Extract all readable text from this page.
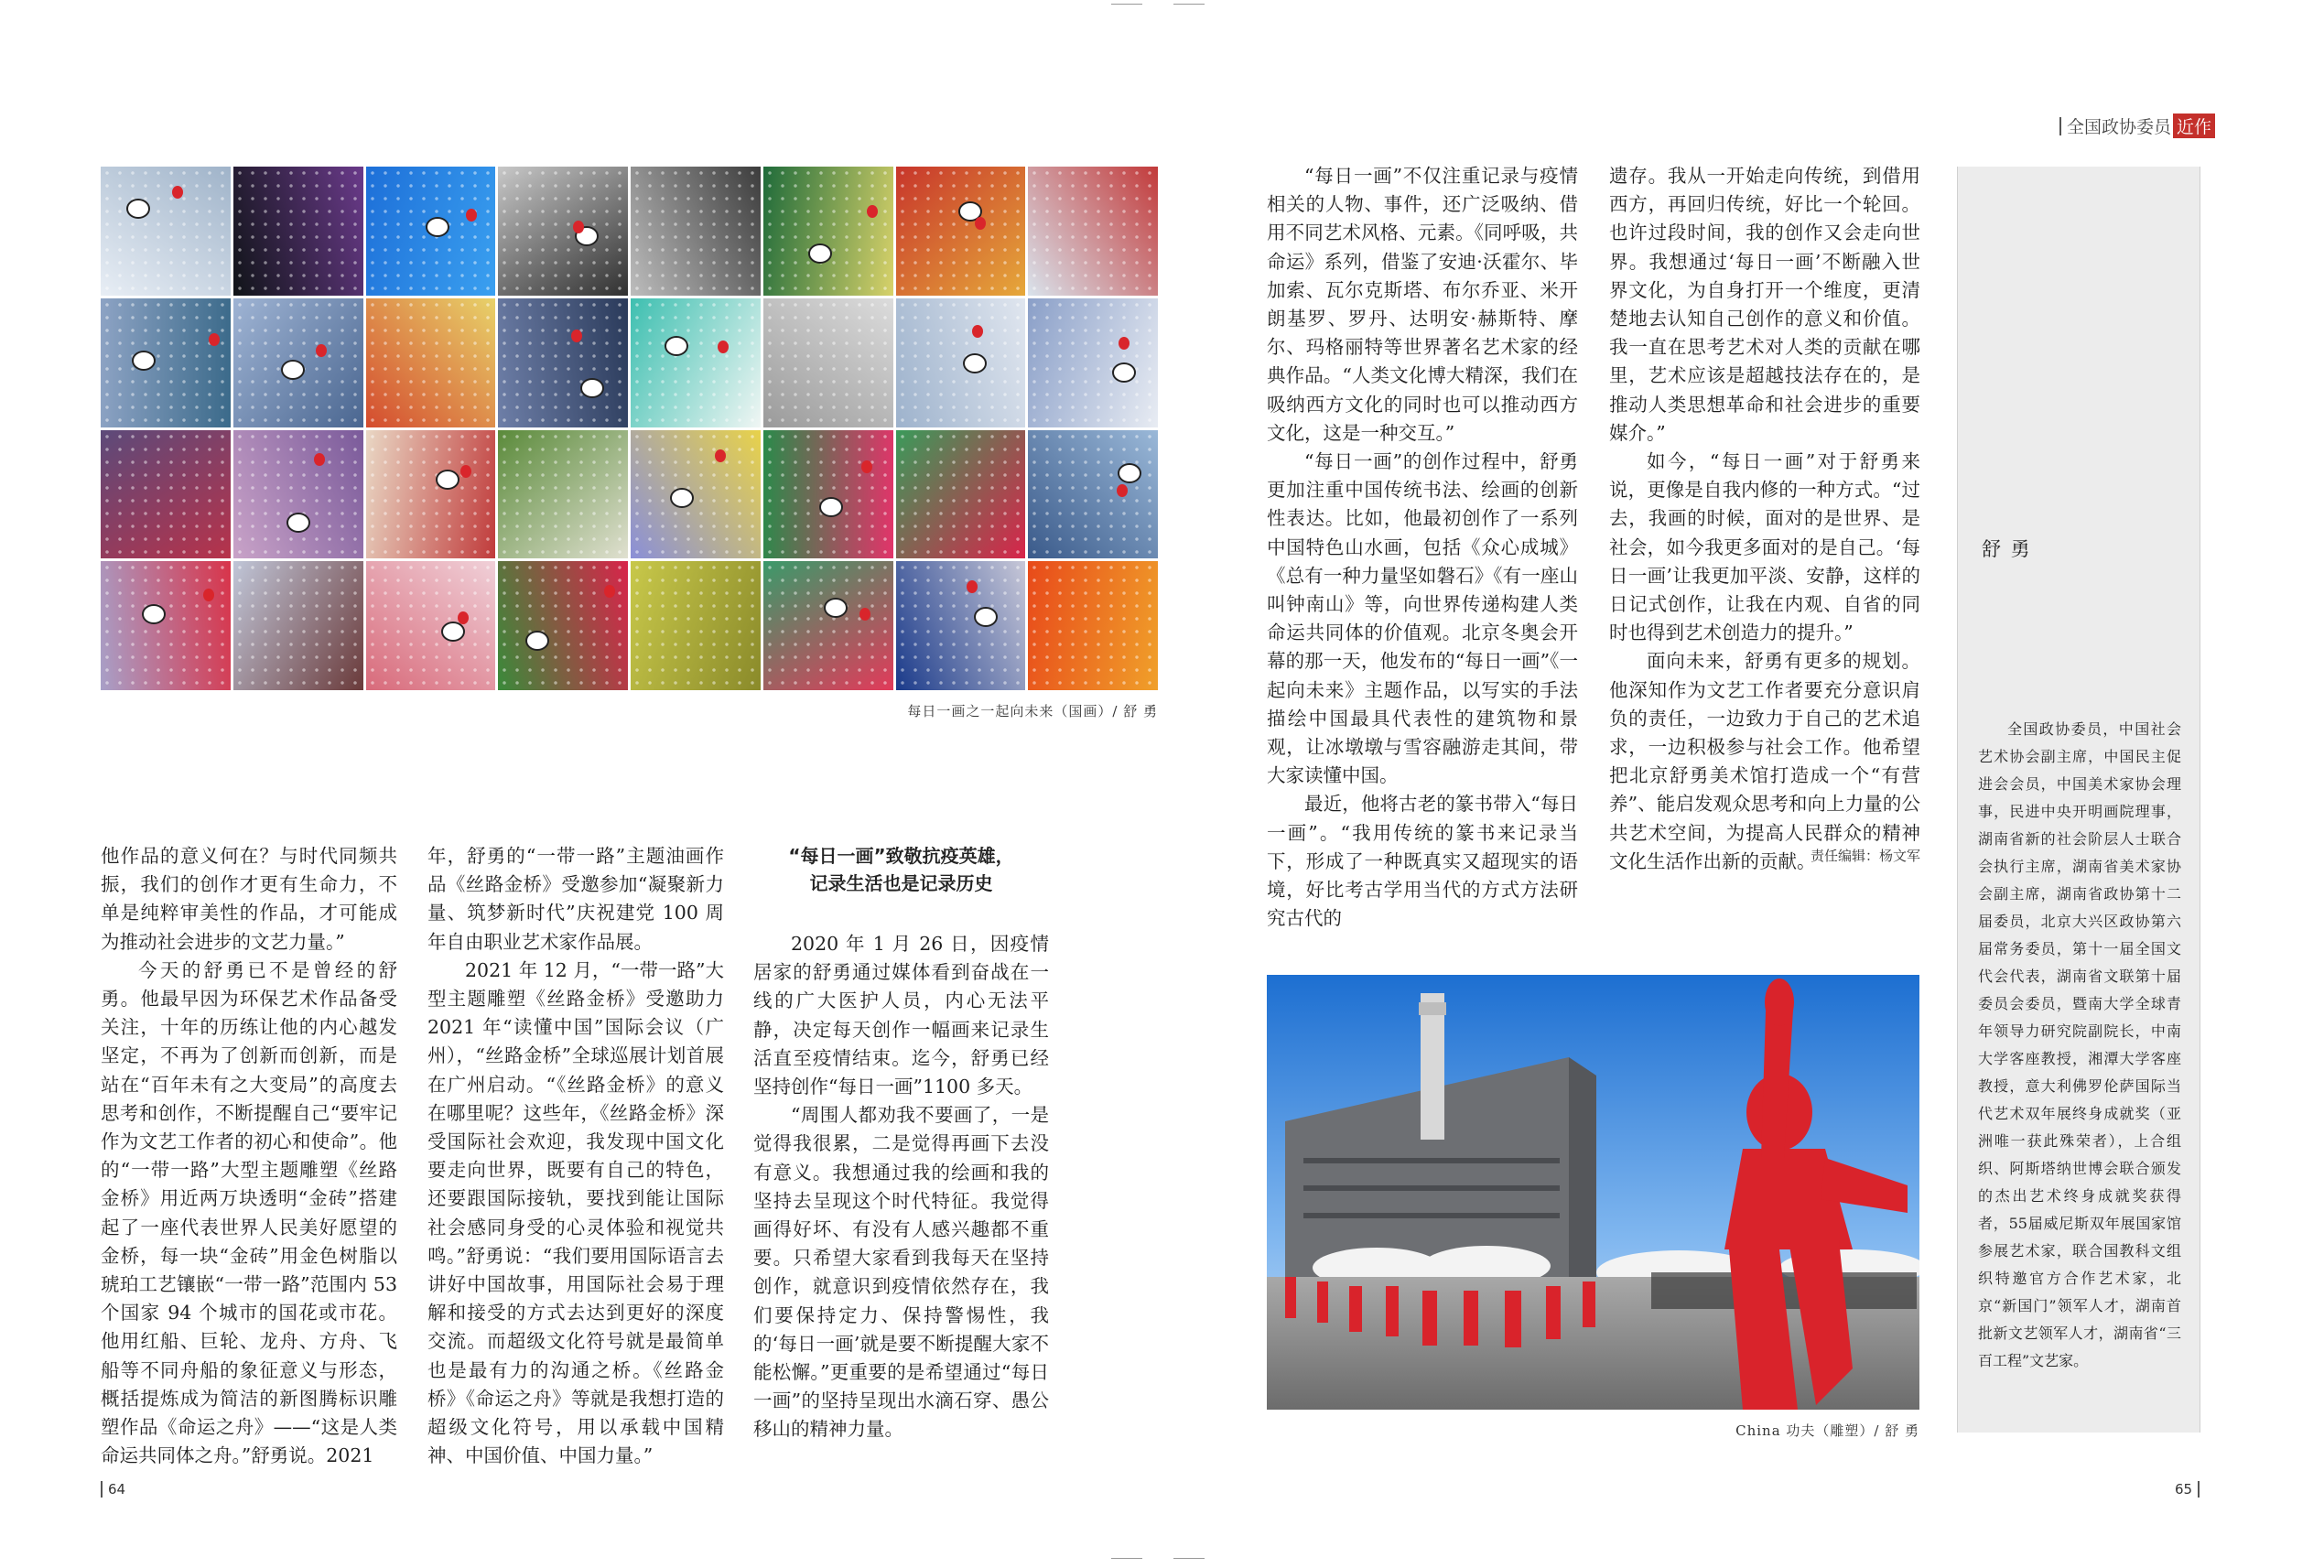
全国政协委员 近作
每日一画之一起向未来（国画）/ 舒 勇

他作品的意义何在？与时代同频共振，我们的创作才更有生命力，不单是纯粹审美性的作品，才可能成为推动社会进步的文艺力量。”

今天的舒勇已不是曾经的舒勇。他最早因为环保艺术作品备受关注，十年的历练让他的内心越发坚定，不再为了创新而创新，而是站在“百年未有之大变局”的高度去思考和创作，不断提醒自己“要牢记作为文艺工作者的初心和使命”。他的“一带一路”大型主题雕塑《丝路金桥》用近两万块透明“金砖”搭建起了一座代表世界人民美好愿望的金桥，每一块“金砖”用金色树脂以琥珀工艺镶嵌“一带一路”范围内 53 个国家 94 个城市的国花或市花。他用红船、巨轮、龙舟、方舟、飞船等不同舟船的象征意义与形态，概括提炼成为简洁的新图腾标识雕塑作品《命运之舟》——“这是人类命运共同体之舟。”舒勇说。2021

年，舒勇的“一带一路”主题油画作品《丝路金桥》受邀参加“凝聚新力量、筑梦新时代”庆祝建党 100 周年自由职业艺术家作品展。

2021 年 12 月，“一带一路”大型主题雕塑《丝路金桥》受邀助力 2021 年“读懂中国”国际会议（广州），“丝路金桥”全球巡展计划首展在广州启动。“《丝路金桥》的意义在哪里呢？这些年，《丝路金桥》深受国际社会欢迎，我发现中国文化要走向世界，既要有自己的特色，还要跟国际接轨，要找到能让国际社会感同身受的心灵体验和视觉共鸣。”舒勇说：“我们要用国际语言去讲好中国故事，用国际社会易于理解和接受的方式去达到更好的深度交流。而超级文化符号就是最简单也是最有力的沟通之桥。《丝路金桥》《命运之舟》等就是我想打造的超级文化符号，用以承载中国精神、中国价值、中国力量。”

“每日一画”致敬抗疫英雄，
记录生活也是记录历史

2020 年 1 月 26 日，因疫情居家的舒勇通过媒体看到奋战在一线的广大医护人员，内心无法平静，决定每天创作一幅画来记录生活直至疫情结束。迄今，舒勇已经坚持创作“每日一画”1100 多天。

“周围人都劝我不要画了，一是觉得我很累，二是觉得再画下去没有意义。我想通过我的绘画和我的坚持去呈现这个时代特征。我觉得画得好坏、有没有人感兴趣都不重要。只希望大家看到我每天在坚持创作，就意识到疫情依然存在，我们要保持定力、保持警惕性，我的‘每日一画’就是要不断提醒大家不能松懈。”更重要的是希望通过“每日一画”的坚持呈现出水滴石穿、愚公移山的精神力量。

“每日一画”不仅注重记录与疫情相关的人物、事件，还广泛吸纳、借用不同艺术风格、元素。《同呼吸，共命运》系列，借鉴了安迪·沃霍尔、毕加索、瓦尔克斯塔、布尔乔亚、米开朗基罗、罗丹、达明安·赫斯特、摩尔、玛格丽特等世界著名艺术家的经典作品。“人类文化博大精深，我们在吸纳西方文化的同时也可以推动西方文化，这是一种交互。”

“每日一画”的创作过程中，舒勇更加注重中国传统书法、绘画的创新性表达。比如，他最初创作了一系列中国特色山水画，包括《众心成城》《总有一种力量坚如磐石》《有一座山叫钟南山》等，向世界传递构建人类命运共同体的价值观。北京冬奥会开幕的那一天，他发布的“每日一画”《一起向未来》主题作品，以写实的手法描绘中国最具代表性的建筑物和景观，让冰墩墩与雪容融游走其间，带大家读懂中国。

最近，他将古老的篆书带入“每日一画”。“我用传统的篆书来记录当下，形成了一种既真实又超现实的语境，好比考古学用当代的方式方法研究古代的

遗存。我从一开始走向传统，到借用西方，再回归传统，好比一个轮回。也许过段时间，我的创作又会走向世界。我想通过‘每日一画’不断融入世界文化，为自身打开一个维度，更清楚地去认知自己创作的意义和价值。我一直在思考艺术对人类的贡献在哪里，艺术应该是超越技法存在的，是推动人类思想革命和社会进步的重要媒介。”

如今，“每日一画”对于舒勇来说，更像是自我内修的一种方式。“过去，我画的时候，面对的是世界、是社会，如今我更多面对的是自己。‘每日一画’让我更加平淡、安静，这样的日记式创作，让我在内观、自省的同时也得到艺术创造力的提升。”

面向未来，舒勇有更多的规划。他深知作为文艺工作者要充分意识肩负的责任，一边致力于自己的艺术追求，一边积极参与社会工作。他希望把北京舒勇美术馆打造成一个“有营养”、能启发观众思考和向上力量的公共艺术空间，为提高人民群众的精神文化生活作出新的贡献。

责任编辑：杨文军
China 功夫（雕塑）/ 舒 勇
舒 勇

全国政协委员，中国社会艺术协会副主席，中国民主促进会会员，中国美术家协会理事，民进中央开明画院理事，湖南省新的社会阶层人士联合会执行主席，湖南省美术家协会副主席，湖南省政协第十二届委员，北京大兴区政协第六届常务委员，第十一届全国文代会代表，湖南省文联第十届委员会委员，暨南大学全球青年领导力研究院副院长，中南大学客座教授，湘潭大学客座教授，意大利佛罗伦萨国际当代艺术双年展终身成就奖（亚洲唯一获此殊荣者），上合组织、阿斯塔纳世博会联合颁发的杰出艺术终身成就奖获得者，55届威尼斯双年展国家馆参展艺术家，联合国教科文组织特邀官方合作艺术家，北京“新国门”领军人才，湖南首批新文艺领军人才，湖南省“三百工程”文艺家。

64	65
